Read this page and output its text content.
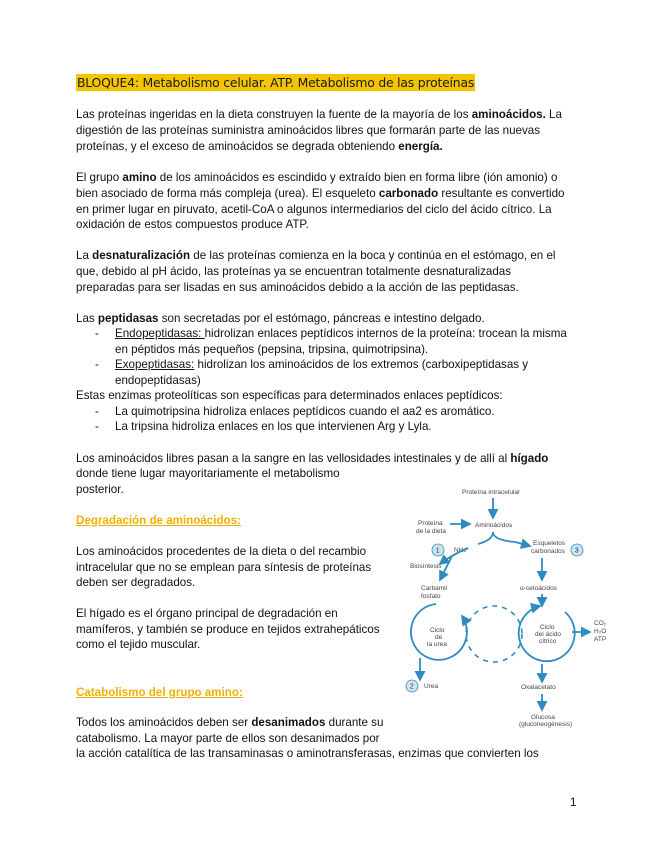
BLOQUE4: Metabolismo celular. ATP. Metabolismo de las proteínas
Las proteínas ingeridas en la dieta construyen la fuente de la mayoría de los aminoácidos. La
digestión de las proteínas suministra aminoácidos libres que formarán parte de las nuevas
proteínas, y el exceso de aminoácidos se degrada obteniendo energía.
El grupo amino de los aminoácidos es escindido y extraído bien en forma libre (ión amonio) o
bien asociado de forma más compleja (urea). El esqueleto carbonado resultante es convertido
en primer lugar en piruvato, acetil-CoA o algunos intermediarios del ciclo del ácido cítrico. La
oxidación de estos compuestos produce ATP.
La desnaturalización de las proteínas comienza en la boca y continúa en el estómago, en el
que, debido al pH ácido, las proteínas ya se encuentran totalmente desnaturalizadas
preparadas para ser lisadas en sus aminoácidos debido a la acción de las peptidasas.
Las peptidasas son secretadas por el estómago, páncreas e intestino delgado.
- Endopeptidasas: hidrolizan enlaces peptídicos internos de la proteína: trocean la misma
en péptidos más pequeños (pepsina, tripsina, quimotripsina).
- Exopeptidasas: hidrolizan los aminoácidos de los extremos (carboxipeptidasas y
endopeptidasas)
Estas enzimas proteolíticas son específicas para determinados enlaces peptídicos:
- La quimotripsina hidroliza enlaces peptídicos cuando el aa2 es aromático.
- La tripsina hidroliza enlaces en los que intervienen Arg y Lyla.
Los aminoácidos libres pasan a la sangre en las vellosidades intestinales y de allí al hígado
donde tiene lugar mayoritariamente el metabolismo
posterior.
Degradación de aminoácidos:
Los aminoácidos procedentes de la dieta o del recambio
intracelular que no se emplean para síntesis de proteínas
deben ser degradados.
El hígado es el órgano principal de degradación en
mamíferos, y también se produce en tejidos extrahepáticos
como el tejido muscular.
Catabolismo del grupo amino:
Todos los aminoácidos deben ser desanimados durante su
catabolismo. La mayor parte de ellos son desanimados por
la acción catalítica de las transaminasas o aminotransferasas, enzimas que convierten los
Proteína intracelular
Proteína
de la dieta
Aminoácidos
Esqueletos
carbonados
NH₄⁺
Biosíntesis
Carbamil
fosfato
α-cetoácidos
Ciclo
de
la urea
Ciclo
del ácido
cítrico
CO₂
H₂O
ATP
Urea	Oxalacetato
Glucosa
(gluconeogénesis)
1	3
2
1
